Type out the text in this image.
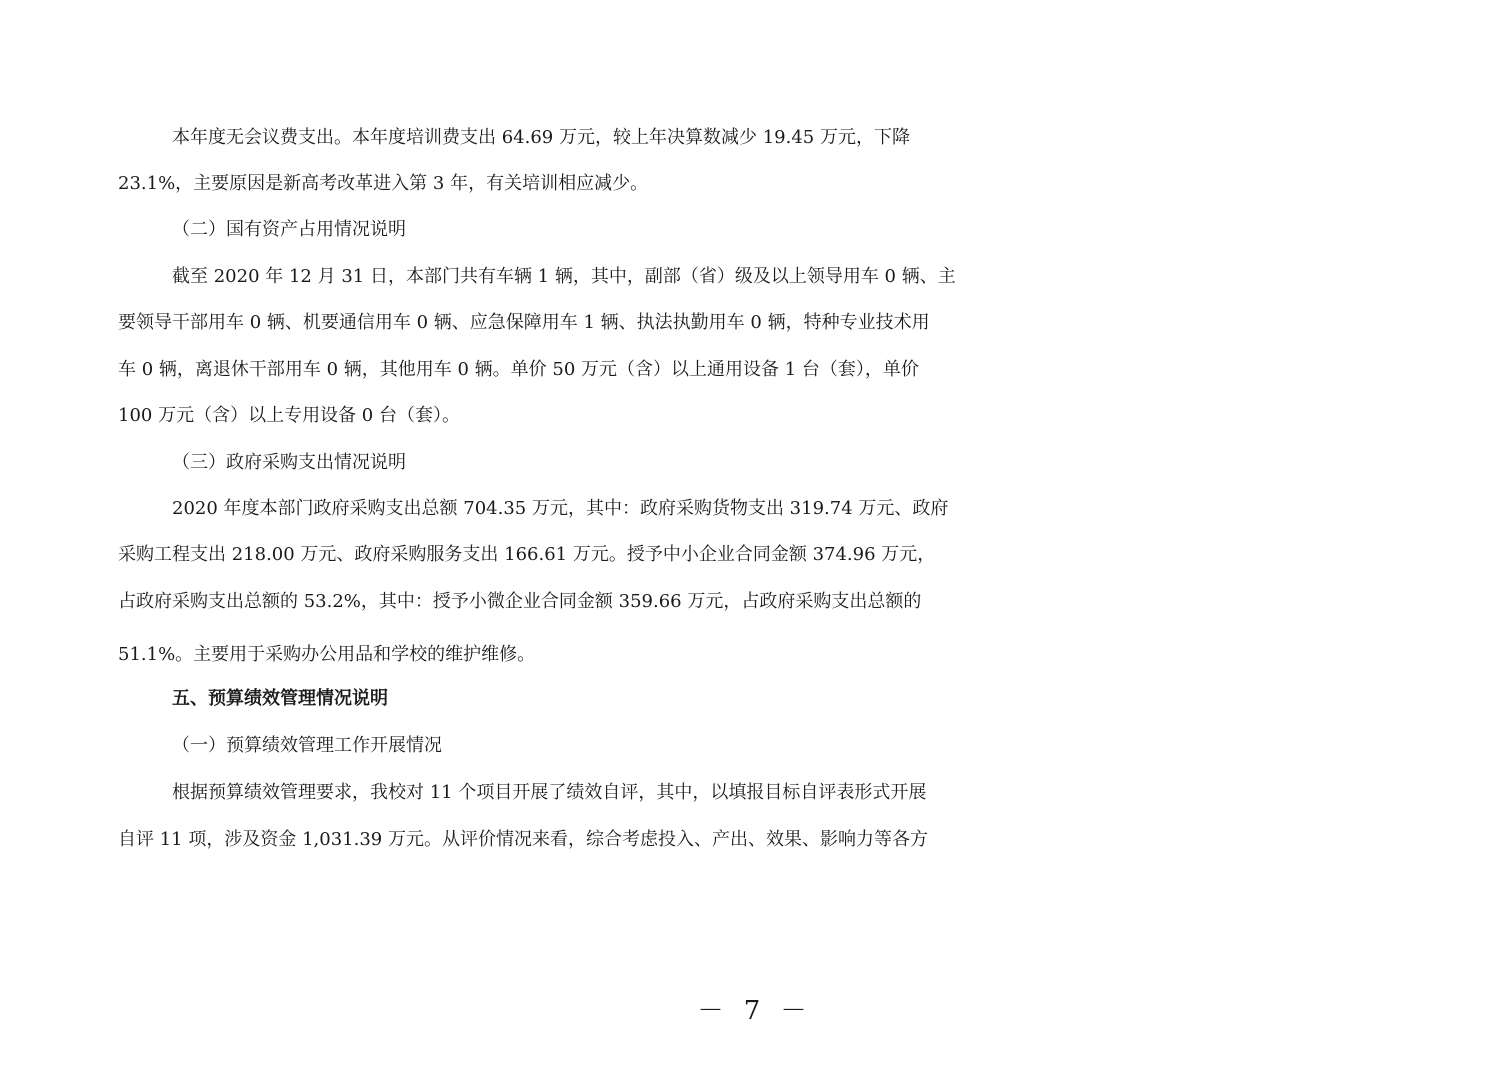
本年度无会议费支出。本年度培训费支出 64.69 万元，较上年决算数减少 19.45 万元，下降
23.1%，主要原因是新高考改革进入第 3 年，有关培训相应减少。
（二）国有资产占用情况说明
截至 2020 年 12 月 31 日，本部门共有车辆 1 辆，其中，副部（省）级及以上领导用车 0 辆、主
要领导干部用车 0 辆、机要通信用车 0 辆、应急保障用车 1 辆、执法执勤用车 0 辆，特种专业技术用
车 0 辆，离退休干部用车 0 辆，其他用车 0 辆。单价 50 万元（含）以上通用设备 1 台（套），单价
100 万元（含）以上专用设备 0 台（套）。
（三）政府采购支出情况说明
2020 年度本部门政府采购支出总额 704.35 万元，其中：政府采购货物支出 319.74 万元、政府
采购工程支出 218.00 万元、政府采购服务支出 166.61 万元。授予中小企业合同金额 374.96 万元，
占政府采购支出总额的 53.2%，其中：授予小微企业合同金额 359.66 万元，占政府采购支出总额的
51.1%。主要用于采购办公用品和学校的维护维修。
五、预算绩效管理情况说明
（一）预算绩效管理工作开展情况
根据预算绩效管理要求，我校对 11 个项目开展了绩效自评，其中，以填报目标自评表形式开展
自评 11 项，涉及资金 1,031.39 万元。从评价情况来看，综合考虑投入、产出、效果、影响力等各方
－ 7 －
